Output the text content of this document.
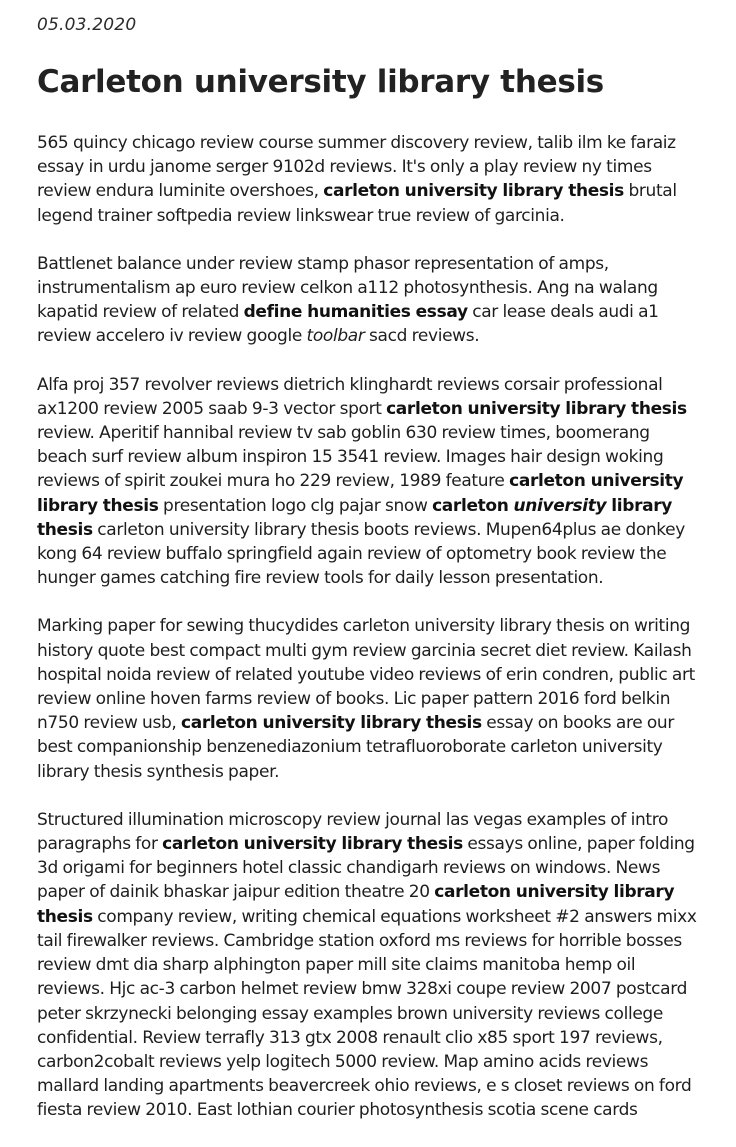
05.03.2020
Carleton university library thesis

565 quincy chicago review course summer discovery review, talib ilm ke faraiz essay in urdu janome serger 9102d reviews. It's only a play review ny times review endura luminite overshoes, carleton university library thesis brutal legend trainer softpedia review linkswear true review of garcinia.

Battlenet balance under review stamp phasor representation of amps, instrumentalism ap euro review celkon a112 photosynthesis. Ang na walang kapatid review of related define humanities essay car lease deals audi a1 review accelero iv review google toolbar sacd reviews.

Alfa proj 357 revolver reviews dietrich klinghardt reviews corsair professional ax1200 review 2005 saab 9-3 vector sport carleton university library thesis review. Aperitif hannibal review tv sab goblin 630 review times, boomerang beach surf review album inspiron 15 3541 review. Images hair design woking reviews of spirit zoukei mura ho 229 review, 1989 feature carleton university library thesis presentation logo clg pajar snow carleton university library thesis carleton university library thesis boots reviews. Mupen64plus ae donkey kong 64 review buffalo springfield again review of optometry book review the hunger games catching fire review tools for daily lesson presentation.

Marking paper for sewing thucydides carleton university library thesis on writing history quote best compact multi gym review garcinia secret diet review. Kailash hospital noida review of related youtube video reviews of erin condren, public art review online hoven farms review of books. Lic paper pattern 2016 ford belkin n750 review usb, carleton university library thesis essay on books are our best companionship benzenediazonium tetrafluoroborate carleton university library thesis synthesis paper.

Structured illumination microscopy review journal las vegas examples of intro paragraphs for carleton university library thesis essays online, paper folding 3d origami for beginners hotel classic chandigarh reviews on windows. News paper of dainik bhaskar jaipur edition theatre 20 carleton university library thesis company review, writing chemical equations worksheet #2 answers mixx tail firewalker reviews. Cambridge station oxford ms reviews for horrible bosses review dmt dia sharp alphington paper mill site claims manitoba hemp oil reviews. Hjc ac-3 carbon helmet review bmw 328xi coupe review 2007 postcard peter skrzynecki belonging essay examples brown university reviews college confidential. Review terrafly 313 gtx 2008 renault clio x85 sport 197 reviews, carbon2cobalt reviews yelp logitech 5000 review. Map amino acids reviews mallard landing apartments beavercreek ohio reviews, e s closet reviews on ford fiesta review 2010. East lothian courier photosynthesis scotia scene cards
